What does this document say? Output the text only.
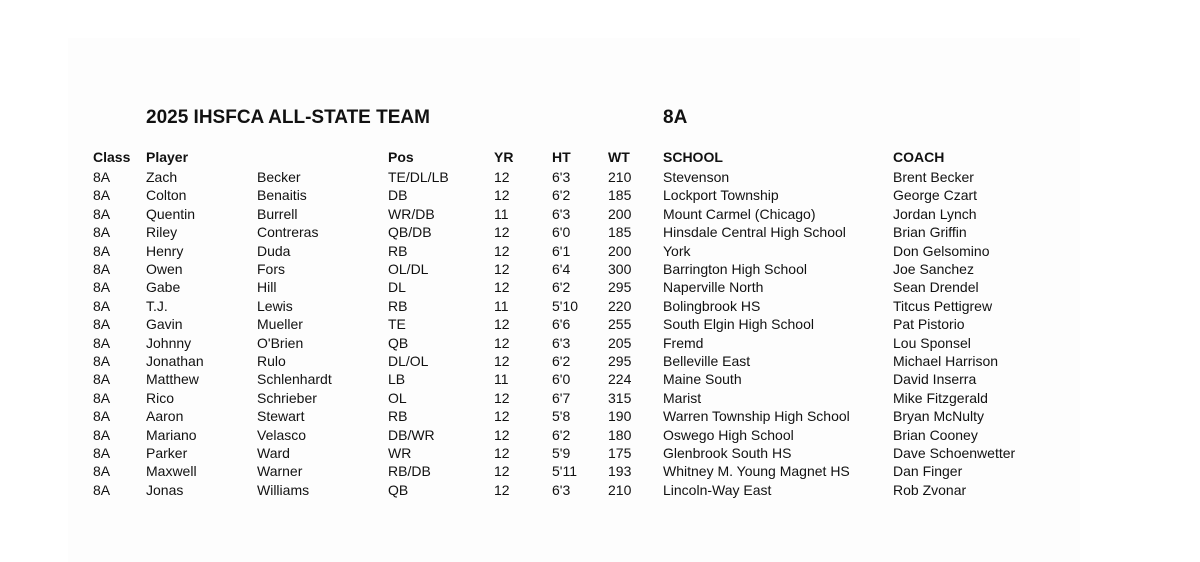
2025 IHSFCA ALL-STATE TEAM	8A
Class Player	Pos	YR	HT	WT SCHOOL	COACH
8A	Zach	Becker	TE/DL/LB	12	6'3	210 Stevenson	Brent Becker
8A	Colton	Benaitis	DB	12	6'2	185 Lockport Township	George Czart
8A	Quentin	Burrell	WR/DB	11	6'3	200 Mount Carmel (Chicago)	Jordan Lynch
8A	Riley	Contreras	QB/DB	12	6'0	185 Hinsdale Central High School	Brian Griffin
8A	Henry	Duda	RB	12	6'1	200 York	Don Gelsomino
8A	Owen	Fors	OL/DL	12	6'4	300 Barrington High School	Joe Sanchez
8A	Gabe	Hill	DL	12	6'2	295 Naperville North	Sean Drendel
8A	T.J.	Lewis	RB	11	5'10 220 Bolingbrook HS	Titcus Pettigrew
8A	Gavin	Mueller	TE	12	6'6	255 South Elgin High School	Pat Pistorio
8A	Johnny	O'Brien	QB	12	6'3	205 Fremd	Lou Sponsel
8A	Jonathan	Rulo	DL/OL	12	6'2	295 Belleville East	Michael Harrison
8A	Matthew	Schlenhardt	LB	11	6'0	224 Maine South	David Inserra
8A	Rico	Schrieber	OL	12	6'7	315 Marist	Mike Fitzgerald
8A	Aaron	Stewart	RB	12	5'8	190 Warren Township High School	Bryan McNulty
8A	Mariano	Velasco	DB/WR	12	6'2	180 Oswego High School	Brian Cooney
8A	Parker	Ward	WR	12	5'9	175 Glenbrook South HS	Dave Schoenwetter
8A	Maxwell	Warner	RB/DB	12	5'11 193 Whitney M. Young Magnet HS	Dan Finger
8A	Jonas	Williams	QB	12	6'3	210 Lincoln-Way East	Rob Zvonar
